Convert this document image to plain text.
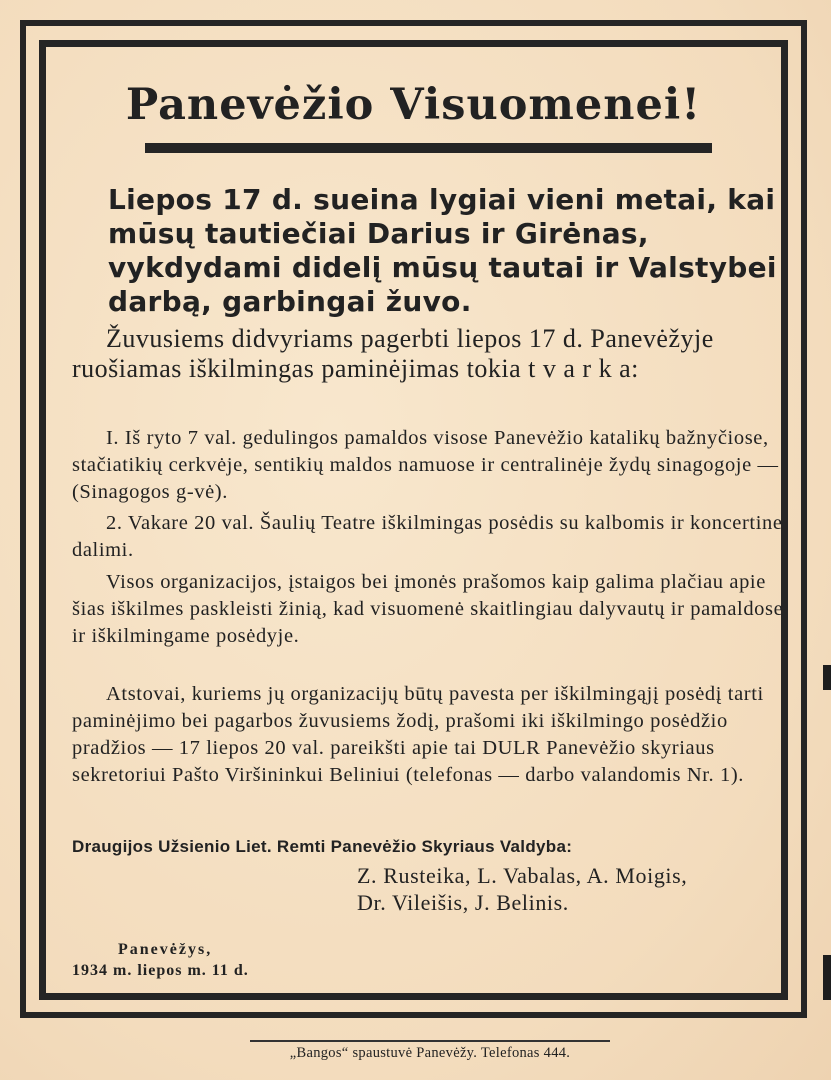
Panevėžio Visuomenei!

Liepos 17 d. sueina lygiai vieni metai, kai mūsų tautiečiai Darius ir Girėnas, vykdydami didelį mūsų tautai ir Valstybei darbą, garbingai žuvo.

Žuvusiems didvyriams pagerbti liepos 17 d. Panevėžyje ruošiamas iškilmingas paminėjimas tokia t v a r k a:

I. Iš ryto 7 val. gedulingos pamaldos visose Panevėžio katalikų bažnyčiose, stačiatikių cerkvėje, sentikių maldos namuose ir centralinėje žydų sinagogoje — (Sinagogos g-vė).

2. Vakare 20 val. Šaulių Teatre iškilmingas posėdis su kalbomis ir koncertine dalimi.

Visos organizacijos, įstaigos bei įmonės prašomos kaip galima plačiau apie šias iškilmes paskleisti žinią, kad visuomenė skaitlingiau dalyvautų ir pamaldose ir iškilmingame posėdyje.

Atstovai, kuriems jų organizacijų būtų pavesta per iškilmingąjį posėdį tarti paminėjimo bei pagarbos žuvusiems žodį, prašomi iki iškilmingo posėdžio pradžios — 17 liepos 20 val. pareikšti apie tai DULR Panevėžio skyriaus sekretoriui Pašto Viršininkui Beliniui (telefonas — darbo valandomis Nr. 1).

Draugijos Užsienio Liet. Remti Panevėžio Skyriaus Valdyba:

Z. Rusteika, L. Vabalas, A. Moigis,
Dr. Vileišis, J. Belinis.

Panevėžys,

1934 m. liepos m. 11 d.

„Bangos“ spaustuvė Panevėžy. Telefonas 444.
